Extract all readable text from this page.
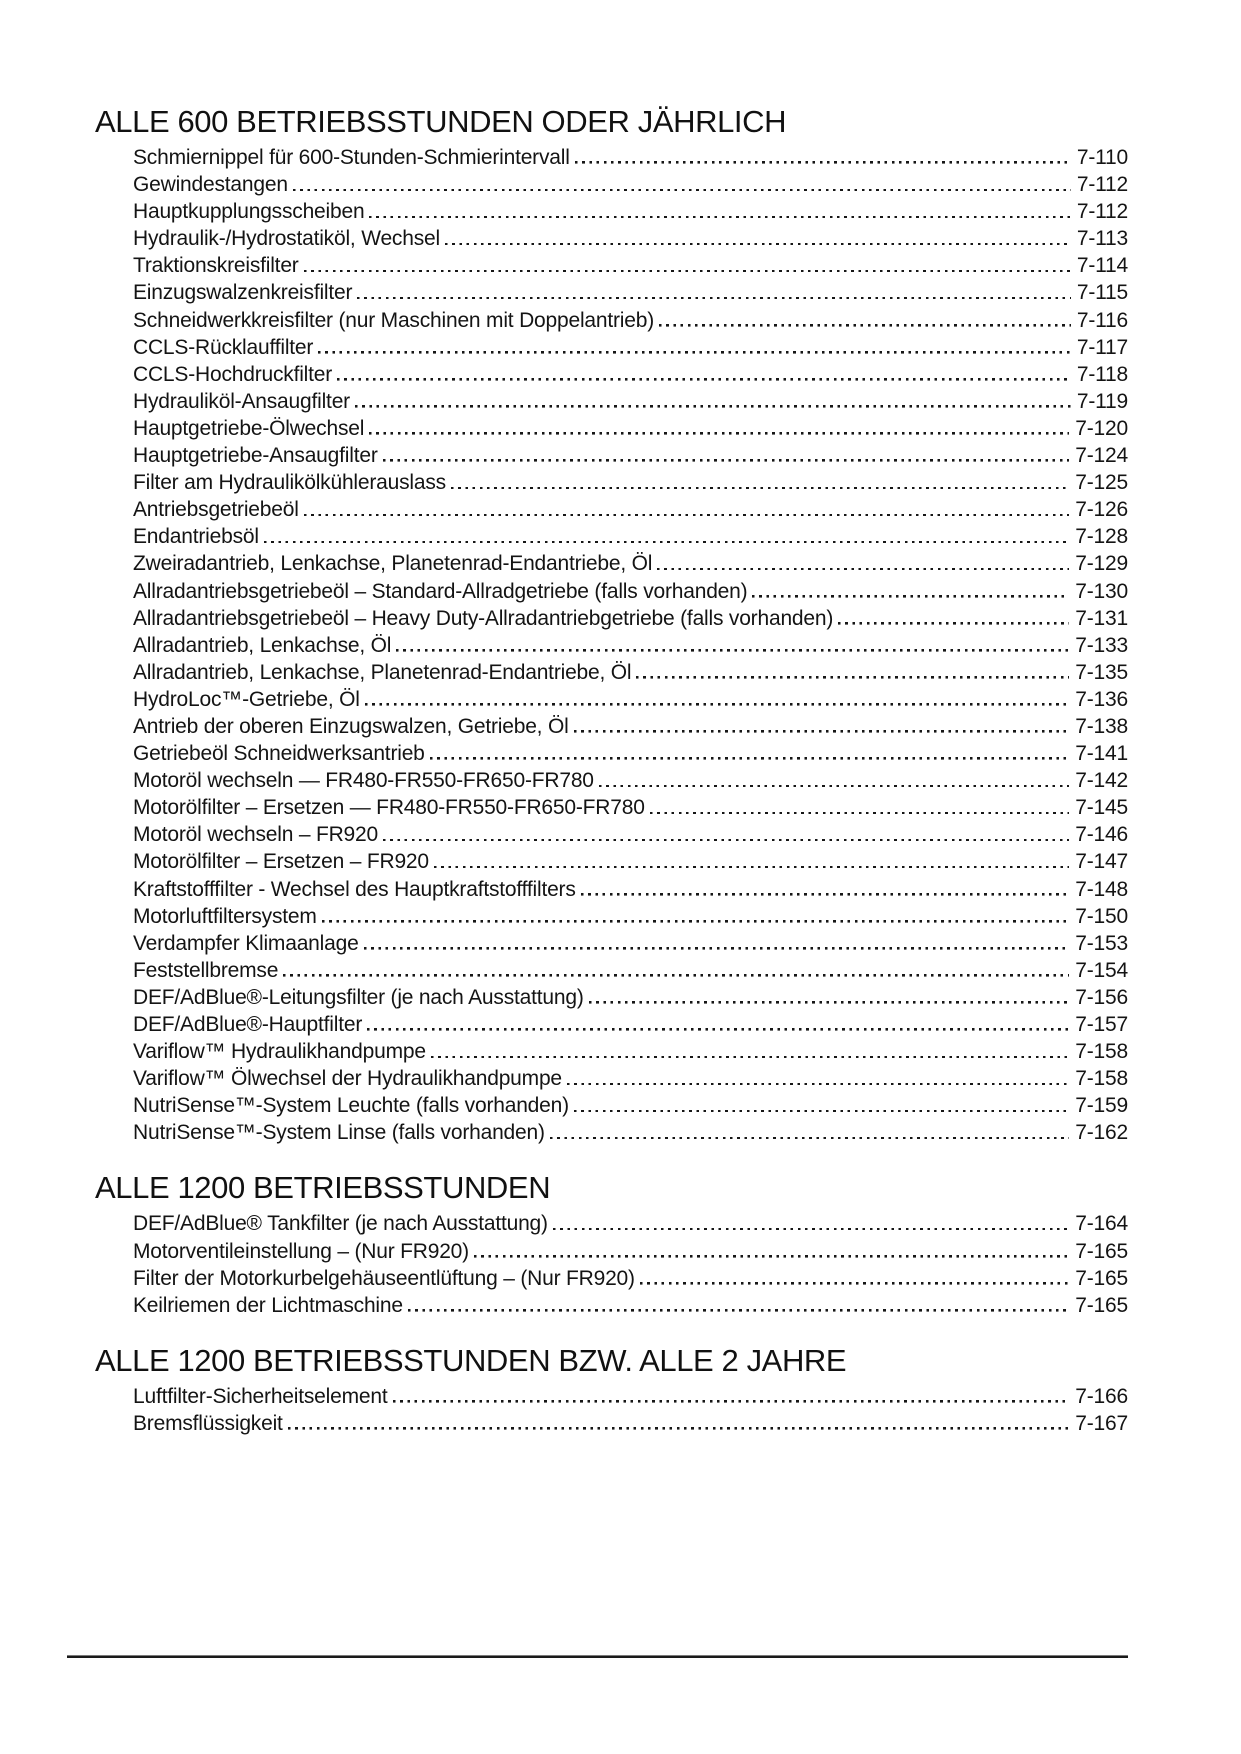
ALLE 600 BETRIEBSSTUNDEN ODER JÄHRLICH
Schmiernippel für 600-Stunden-Schmierintervall	7-110
Gewindestangen	7-112
Hauptkupplungsscheiben	7-112
Hydraulik-/Hydrostatiköl, Wechsel	7-113
Traktionskreisfilter	7-114
Einzugswalzenkreisfilter	7-115
Schneidwerkkreisfilter (nur Maschinen mit Doppelantrieb)	7-116
CCLS-Rücklauffilter	7-117
CCLS-Hochdruckfilter	7-118
Hydrauliköl-Ansaugfilter	7-119
Hauptgetriebe-Ölwechsel	7-120
Hauptgetriebe-Ansaugfilter	7-124
Filter am Hydraulikölkühlerauslass	7-125
Antriebsgetriebeöl	7-126
Endantriebsöl	7-128
Zweiradantrieb, Lenkachse, Planetenrad-Endantriebe, Öl	7-129
Allradantriebsgetriebeöl – Standard-Allradgetriebe (falls vorhanden)	7-130
Allradantriebsgetriebeöl – Heavy Duty-Allradantriebgetriebe (falls vorhanden)	7-131
Allradantrieb, Lenkachse, Öl	7-133
Allradantrieb, Lenkachse, Planetenrad-Endantriebe, Öl	7-135
HydroLoc™-Getriebe, Öl	7-136
Antrieb der oberen Einzugswalzen, Getriebe, Öl	7-138
Getriebeöl Schneidwerksantrieb	7-141
Motoröl wechseln — FR480-FR550-FR650-FR780	7-142
Motorölfilter – Ersetzen — FR480-FR550-FR650-FR780	7-145
Motoröl wechseln – FR920	7-146
Motorölfilter – Ersetzen – FR920	7-147
Kraftstofffilter - Wechsel des Hauptkraftstofffilters	7-148
Motorluftfiltersystem	7-150
Verdampfer Klimaanlage	7-153
Feststellbremse	7-154
DEF/AdBlue®-Leitungsfilter (je nach Ausstattung)	7-156
DEF/AdBlue®-Hauptfilter	7-157
Variflow™ Hydraulikhandpumpe	7-158
Variflow™ Ölwechsel der Hydraulikhandpumpe	7-158
NutriSense™-System Leuchte (falls vorhanden)	7-159
NutriSense™-System Linse (falls vorhanden)	7-162
ALLE 1200 BETRIEBSSTUNDEN
DEF/AdBlue® Tankfilter (je nach Ausstattung)	7-164
Motorventileinstellung – (Nur FR920)	7-165
Filter der Motorkurbelgehäuseentlüftung – (Nur FR920)	7-165
Keilriemen der Lichtmaschine	7-165
ALLE 1200 BETRIEBSSTUNDEN BZW. ALLE 2 JAHRE
Luftfilter-Sicherheitselement	7-166
Bremsflüssigkeit	7-167
